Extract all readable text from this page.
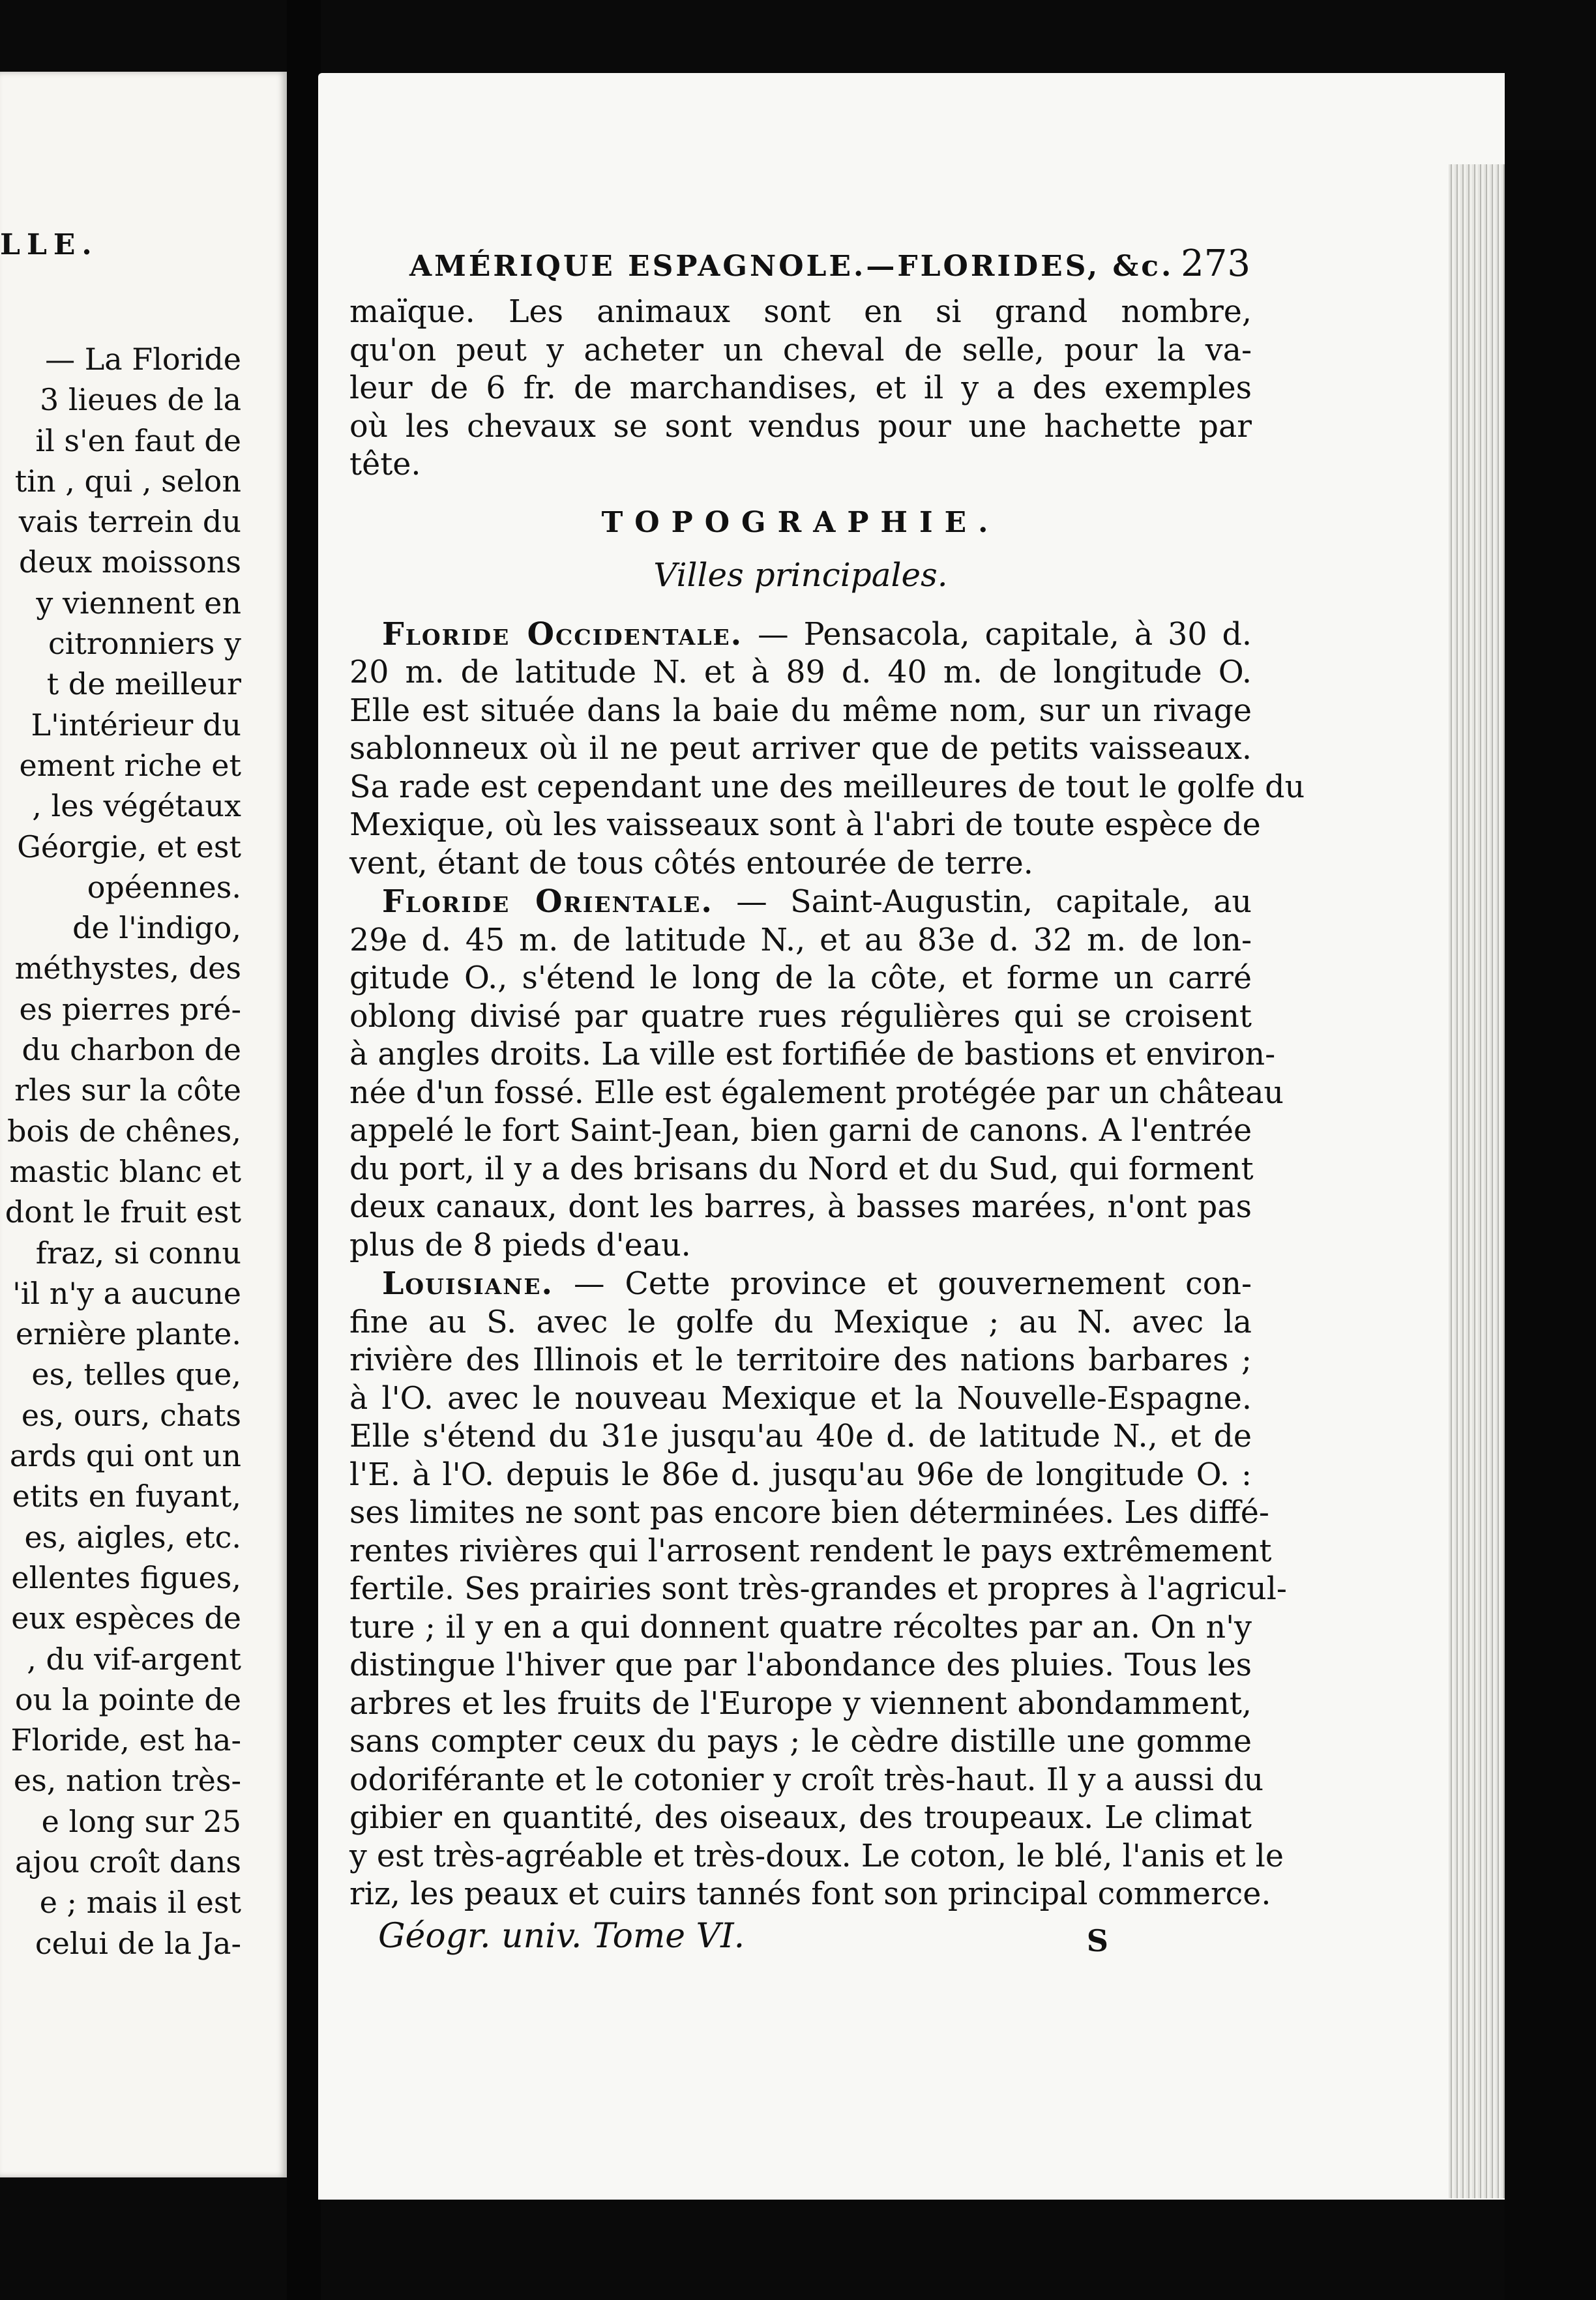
LLE.
— La Floride
3 lieues de la
il s'en faut de
tin , qui , selon
vais terrein du
deux moissons
y viennent en
citronniers y
t de meilleur
L'intérieur du
ement riche et
, les végétaux
Géorgie, et est
opéennes.
de l'indigo,
méthystes, des
es pierres pré-
du charbon de
rles sur la côte
bois de chênes,
mastic blanc et
dont le fruit est
fraz, si connu
'il n'y a aucune
ernière plante.
es, telles que,
es, ours, chats
ards qui ont un
etits en fuyant,
es, aigles, etc.
ellentes figues,
eux espèces de
, du vif-argent
ou la pointe de
Floride, est ha-
es, nation très-
e long sur 25
ajou croît dans
e ; mais il est
celui de la Ja-
AMÉRIQUE ESPAGNOLE.—FLORIDES, &c. 273
maïque. Les animaux sont en si grand nombre,
qu'on peut y acheter un cheval de selle, pour la va-
leur de 6 fr. de marchandises, et il y a des exemples
où les chevaux se sont vendus pour une hachette par
tête.
TOPOGRAPHIE.
Villes principales.
Floride Occidentale. — Pensacola, capitale, à 30 d.
20 m. de latitude N. et à 89 d. 40 m. de longitude O.
Elle est située dans la baie du même nom, sur un rivage
sablonneux où il ne peut arriver que de petits vaisseaux.
Sa rade est cependant une des meilleures de tout le golfe du
Mexique, où les vaisseaux sont à l'abri de toute espèce de
vent, étant de tous côtés entourée de terre.
Floride Orientale. — Saint-Augustin, capitale, au
29e d. 45 m. de latitude N., et au 83e d. 32 m. de lon-
gitude O., s'étend le long de la côte, et forme un carré
oblong divisé par quatre rues régulières qui se croisent
à angles droits. La ville est fortifiée de bastions et environ-
née d'un fossé. Elle est également protégée par un château
appelé le fort Saint-Jean, bien garni de canons. A l'entrée
du port, il y a des brisans du Nord et du Sud, qui forment
deux canaux, dont les barres, à basses marées, n'ont pas
plus de 8 pieds d'eau.
Louisiane. — Cette province et gouvernement con-
fine au S. avec le golfe du Mexique ; au N. avec la
rivière des Illinois et le territoire des nations barbares ;
à l'O. avec le nouveau Mexique et la Nouvelle-Espagne.
Elle s'étend du 31e jusqu'au 40e d. de latitude N., et de
l'E. à l'O. depuis le 86e d. jusqu'au 96e de longitude O. :
ses limites ne sont pas encore bien déterminées. Les diffé-
rentes rivières qui l'arrosent rendent le pays extrêmement
fertile. Ses prairies sont très-grandes et propres à l'agricul-
ture ; il y en a qui donnent quatre récoltes par an. On n'y
distingue l'hiver que par l'abondance des pluies. Tous les
arbres et les fruits de l'Europe y viennent abondamment,
sans compter ceux du pays ; le cèdre distille une gomme
odoriférante et le cotonier y croît très-haut. Il y a aussi du
gibier en quantité, des oiseaux, des troupeaux. Le climat
y est très-agréable et très-doux. Le coton, le blé, l'anis et le
riz, les peaux et cuirs tannés font son principal commerce.
Géogr. univ. Tome VI.	S
